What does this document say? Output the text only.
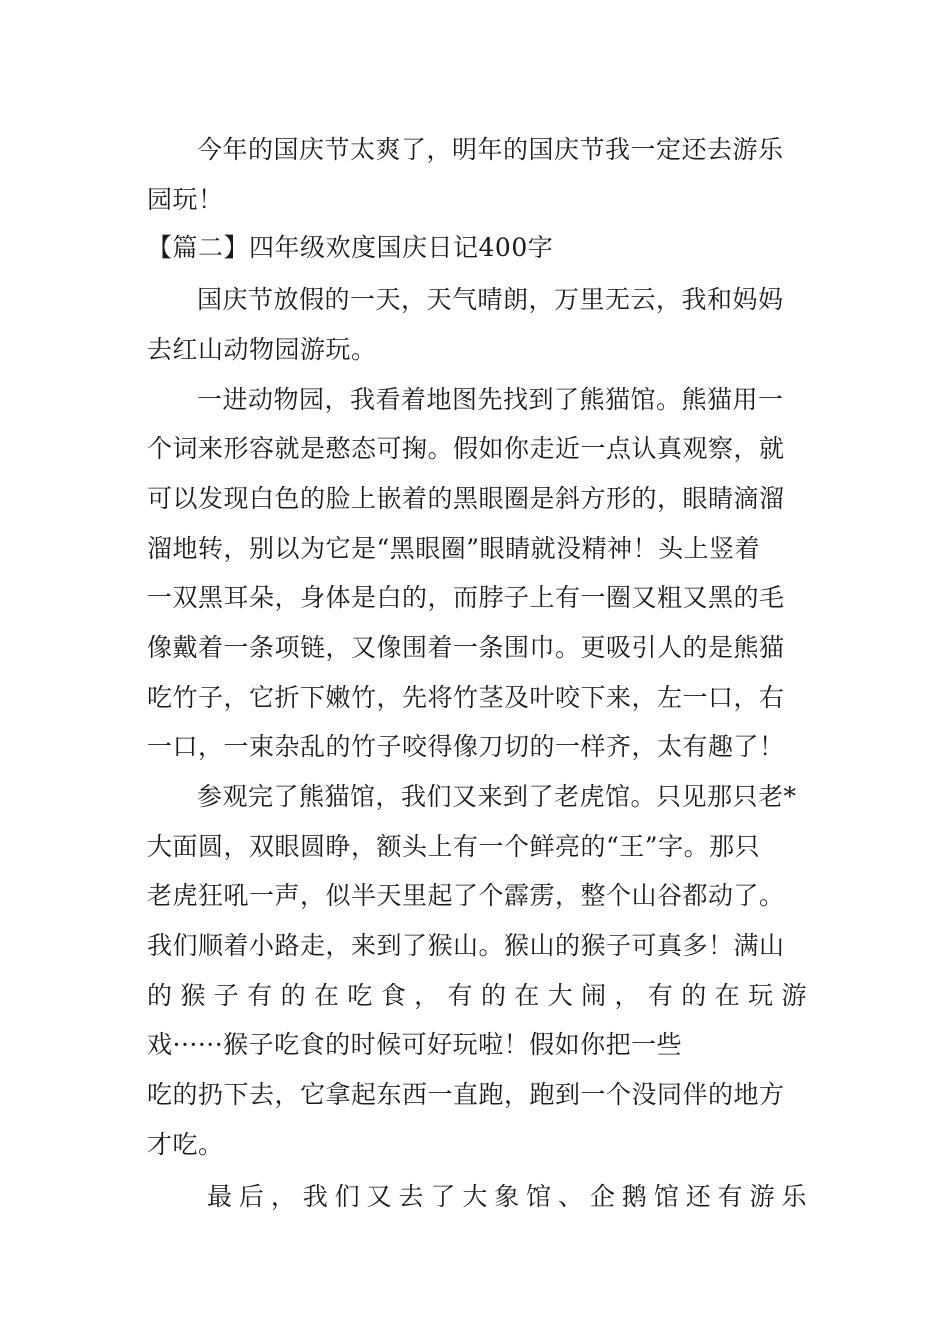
今年的国庆节太爽了，明年的国庆节我一定还去游乐
园玩！
【篇二】四年级欢度国庆日记400字
国庆节放假的一天，天气晴朗，万里无云，我和妈妈
去红山动物园游玩。
一进动物园，我看着地图先找到了熊猫馆。熊猫用一
个词来形容就是憨态可掬。假如你走近一点认真观察，就
可以发现白色的脸上嵌着的黑眼圈是斜方形的，眼睛滴溜
溜地转，别以为它是“黑眼圈”眼睛就没精神！头上竖着
一双黑耳朵，身体是白的，而脖子上有一圈又粗又黑的毛
像戴着一条项链，又像围着一条围巾。更吸引人的是熊猫
吃竹子，它折下嫩竹，先将竹茎及叶咬下来，左一口，右
一口，一束杂乱的竹子咬得像刀切的一样齐，太有趣了！
参观完了熊猫馆，我们又来到了老虎馆。只见那只老*
大面圆，双眼圆睁，额头上有一个鲜亮的“王”字。那只
老虎狂吼一声，似半天里起了个霹雳，整个山谷都动了。
我们顺着小路走，来到了猴山。猴山的猴子可真多！满山
的猴子有的在吃食，有的在大闹，有的在玩游
戏······猴子吃食的时候可好玩啦！假如你把一些
吃的扔下去，它拿起东西一直跑，跑到一个没同伴的地方
才吃。
最后，我们又去了大象馆、企鹅馆还有游乐
